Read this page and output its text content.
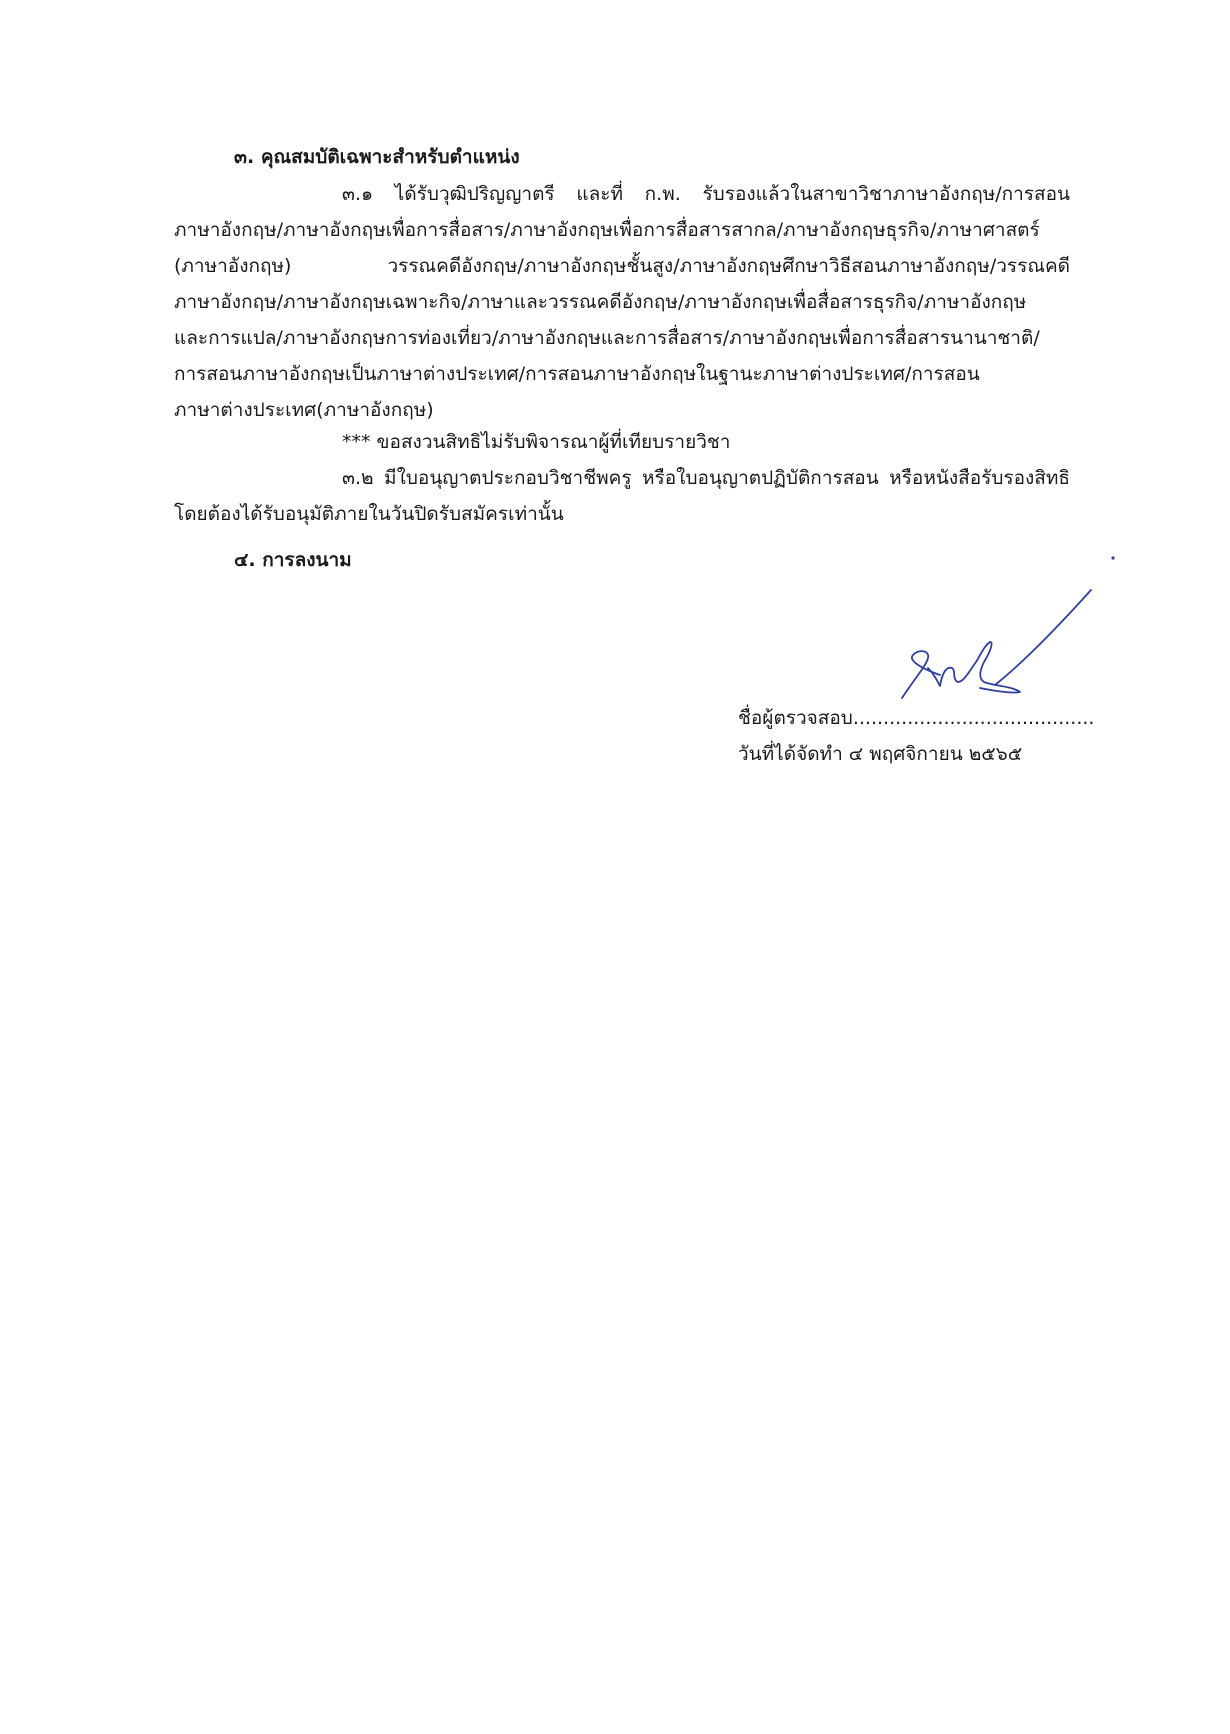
๓. คุณสมบัติเฉพาะสำหรับตำแหน่ง
๓.๑ ได้รับวุฒิปริญญาตรี และที่ ก.พ. รับรองแล้วในสาขาวิชาภาษาอังกฤษ/การสอน
ภาษาอังกฤษ/ภาษาอังกฤษเพื่อการสื่อสาร/ภาษาอังกฤษเพื่อการสื่อสารสากล/ภาษาอังกฤษธุรกิจ/ภาษาศาสตร์
(ภาษาอังกฤษ) วรรณคดีอังกฤษ/ภาษาอังกฤษชั้นสูง/ภาษาอังกฤษศึกษาวิธีสอนภาษาอังกฤษ/วรรณคดี
ภาษาอังกฤษ/ภาษาอังกฤษเฉพาะกิจ/ภาษาและวรรณคดีอังกฤษ/ภาษาอังกฤษเพื่อสื่อสารธุรกิจ/ภาษาอังกฤษ
และการแปล/ภาษาอังกฤษการท่องเที่ยว/ภาษาอังกฤษและการสื่อสาร/ภาษาอังกฤษเพื่อการสื่อสารนานาชาติ/
การสอนภาษาอังกฤษเป็นภาษาต่างประเทศ/การสอนภาษาอังกฤษในฐานะภาษาต่างประเทศ/การสอน
ภาษาต่างประเทศ(ภาษาอังกฤษ)
*** ขอสงวนสิทธิไม่รับพิจารณาผู้ที่เทียบรายวิชา
๓.๒ มีใบอนุญาตประกอบวิชาชีพครู หรือใบอนุญาตปฏิบัติการสอน หรือหนังสือรับรองสิทธิ
โดยต้องได้รับอนุมัติภายในวันปิดรับสมัครเท่านั้น
๔. การลงนาม
ชื่อผู้ตรวจสอบ........................................
วันที่ได้จัดทำ ๔ พฤศจิกายน ๒๕๖๕
